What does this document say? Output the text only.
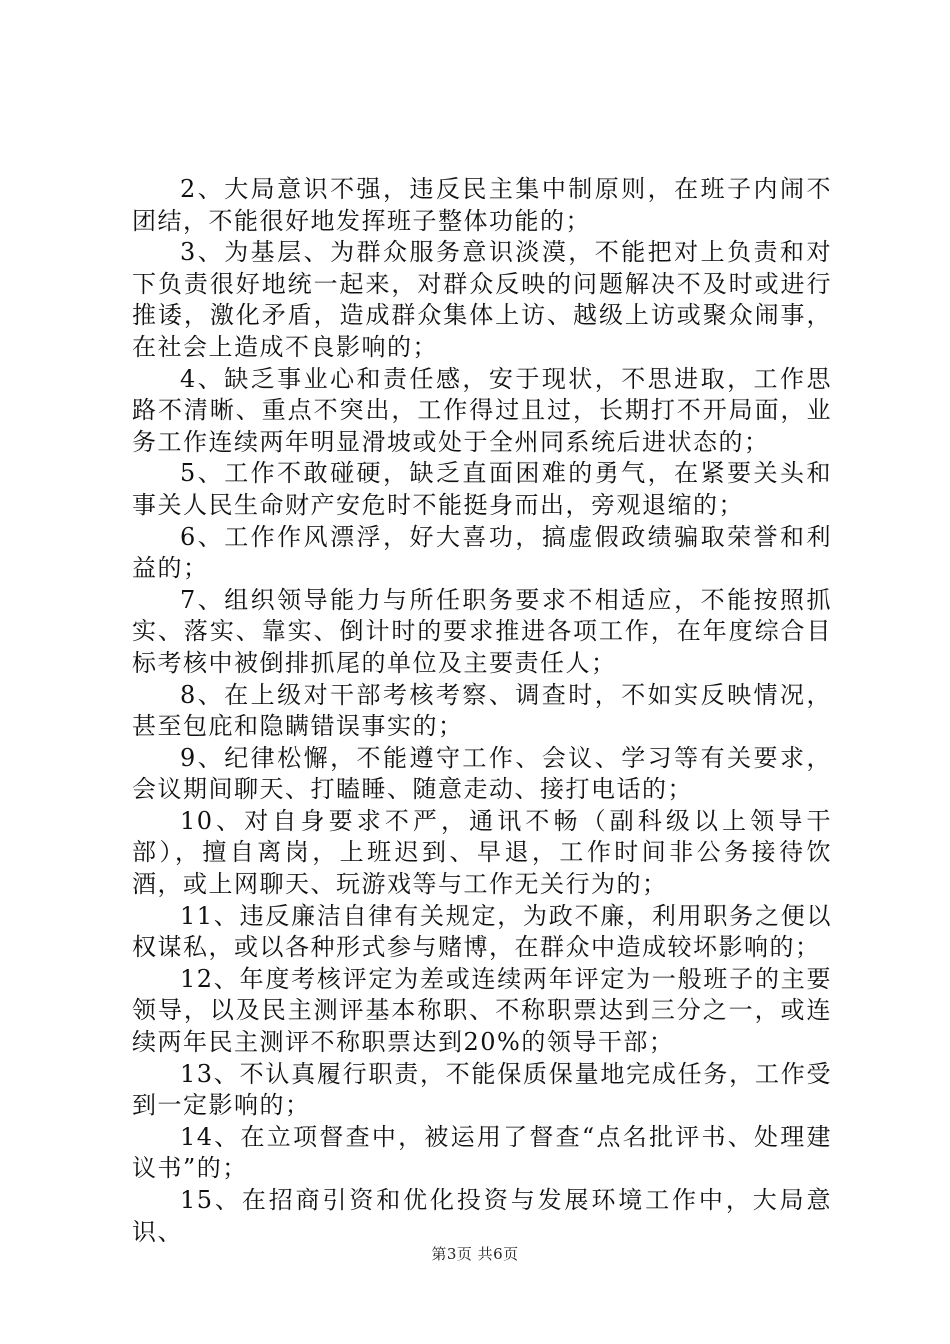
2、大局意识不强，违反民主集中制原则，在班子内闹不团结，不能很好地发挥班子整体功能的；

3、为基层、为群众服务意识淡漠，不能把对上负责和对下负责很好地统一起来，对群众反映的问题解决不及时或进行推诿，激化矛盾，造成群众集体上访、越级上访或聚众闹事，在社会上造成不良影响的；

4、缺乏事业心和责任感，安于现状，不思进取，工作思路不清晰、重点不突出，工作得过且过，长期打不开局面，业务工作连续两年明显滑坡或处于全州同系统后进状态的；

5、工作不敢碰硬，缺乏直面困难的勇气，在紧要关头和事关人民生命财产安危时不能挺身而出，旁观退缩的；

6、工作作风漂浮，好大喜功，搞虚假政绩骗取荣誉和利益的；

7、组织领导能力与所任职务要求不相适应，不能按照抓实、落实、靠实、倒计时的要求推进各项工作，在年度综合目标考核中被倒排抓尾的单位及主要责任人；

8、在上级对干部考核考察、调查时，不如实反映情况，甚至包庇和隐瞒错误事实的；

9、纪律松懈，不能遵守工作、会议、学习等有关要求，会议期间聊天、打瞌睡、随意走动、接打电话的；

10、对自身要求不严，通讯不畅（副科级以上领导干部），擅自离岗，上班迟到、早退，工作时间非公务接待饮酒，或上网聊天、玩游戏等与工作无关行为的；

11、违反廉洁自律有关规定，为政不廉，利用职务之便以权谋私，或以各种形式参与赌博，在群众中造成较坏影响的；

12、年度考核评定为差或连续两年评定为一般班子的主要领导，以及民主测评基本称职、不称职票达到三分之一，或连续两年民主测评不称职票达到20%的领导干部；

13、不认真履行职责，不能保质保量地完成任务，工作受到一定影响的；

14、在立项督查中，被运用了督查“点名批评书、处理建议书”的；

15、在招商引资和优化投资与发展环境工作中，大局意识、

第3页 共6页
